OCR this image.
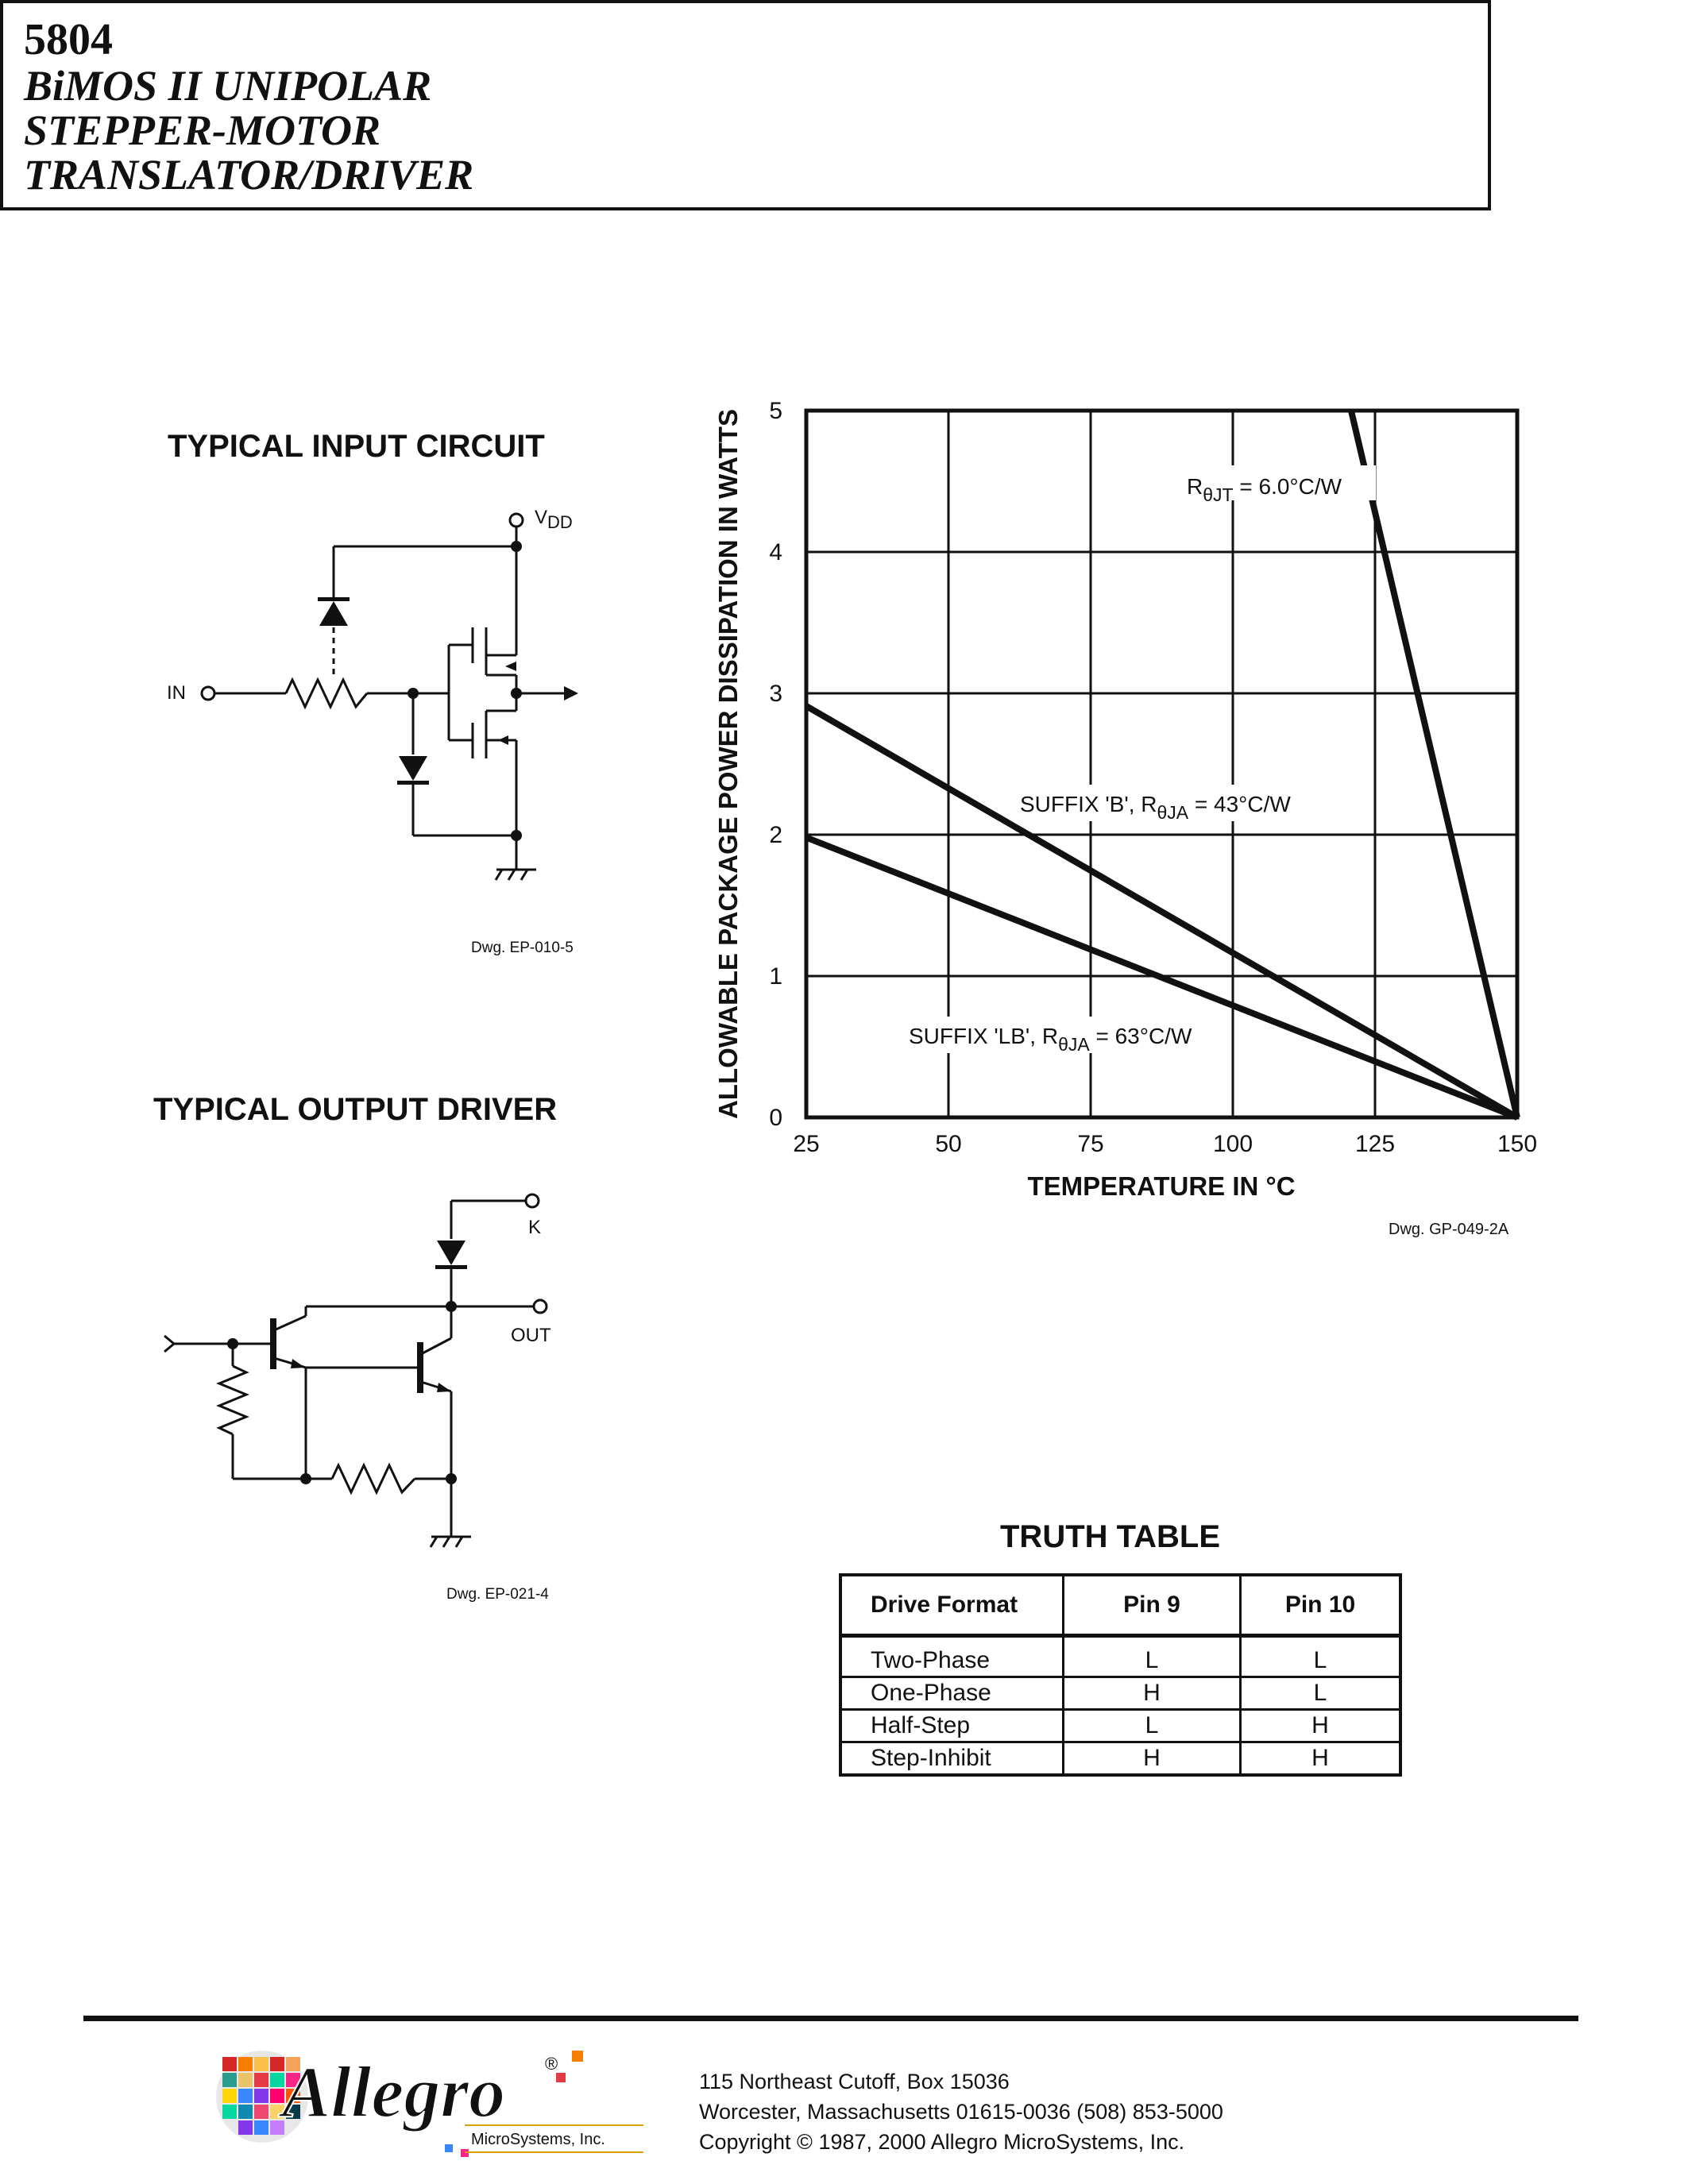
5804
BiMOS II UNIPOLAR
STEPPER-MOTOR
TRANSLATOR/DRIVER
TYPICAL INPUT CIRCUIT
$V_{DD}$
IN
Dwg. EP-010-5
TYPICAL OUTPUT DRIVER
K
OUT
Dwg. EP-021-4
25	50	75	100	125	150
0
1
2
3
4
5
ALLOWABLE PACKAGE POWER DISSIPATION IN WATTS
TEMPERATURE IN °C
$R_{\theta JT} = 6.0^\circ C/W$
SUFFIX 'B', $R_{\theta JA} = 43^\circ C/W$
SUFFIX 'LB', $R_{\theta JA} = 63^\circ C/W$
Dwg. GP-049-2A
TRUTH TABLE
Drive Format	Pin 9	Pin 10
Two-Phase	L	L
One-Phase	H	L
Half-Step	L	H
Step-Inhibit	H	H
Allegro ®
MicroSystems, Inc.
115 Northeast Cutoff, Box 15036
Worcester, Massachusetts 01615-0036 (508) 853-5000
Copyright © 1987, 2000 Allegro MicroSystems, Inc.
